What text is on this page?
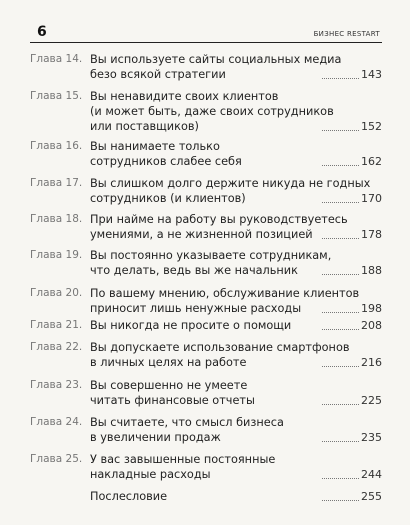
6	БИЗНЕС RESTART
Глава 14. Вы используете сайты социальных медиа
безо всякой стратегии	143
Глава 15. Вы ненавидите своих клиентов
(и может быть, даже своих сотрудников
или поставщиков)	152
Глава 16. Вы нанимаете только
сотрудников слабее себя	162
Глава 17. Вы слишком долго держите никуда не годных
сотрудников (и клиентов)	170
Глава 18. При найме на работу вы руководствуетесь
умениями, а не жизненной позицией	178
Глава 19. Вы постоянно указываете сотрудникам,
что делать, ведь вы же начальник	188
Глава 20. По вашему мнению, обслуживание клиентов
приносит лишь ненужные расходы	198
Глава 21. Вы никогда не просите о помощи	208
Глава 22. Вы допускаете использование смартфонов
в личных целях на работе	216
Глава 23. Вы совершенно не умеете
читать финансовые отчеты	225
Глава 24. Вы считаете, что смысл бизнеса
в увеличении продаж	235
Глава 25. У вас завышенные постоянные
накладные расходы	244
Послесловие	255
